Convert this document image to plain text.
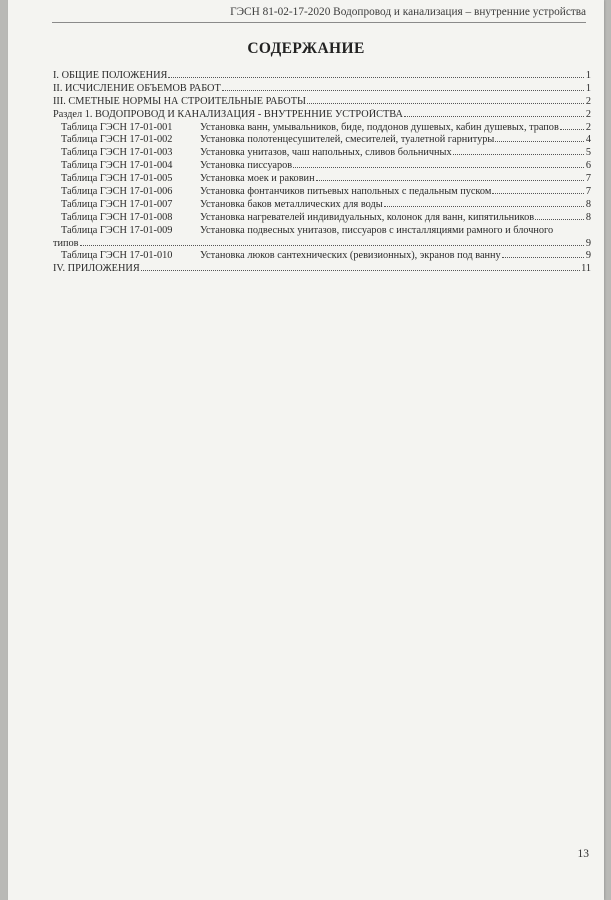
ГЭСН 81-02-17-2020 Водопровод и канализация – внутренние устройства
СОДЕРЖАНИЕ
I. ОБЩИЕ ПОЛОЖЕНИЯ	1
II. ИСЧИСЛЕНИЕ ОБЪЕМОВ РАБОТ	1
III. СМЕТНЫЕ НОРМЫ НА СТРОИТЕЛЬНЫЕ РАБОТЫ	2
Раздел 1. ВОДОПРОВОД И КАНАЛИЗАЦИЯ - ВНУТРЕННИЕ УСТРОЙСТВА	2
Таблица ГЭСН 17-01-001	Установка ванн, умывальников, биде, поддонов душевых, кабин душевых, трапов	2
Таблица ГЭСН 17-01-002	Установка полотенцесушителей, смесителей, туалетной гарнитуры	4
Таблица ГЭСН 17-01-003	Установка унитазов, чаш напольных, сливов больничных	5
Таблица ГЭСН 17-01-004	Установка писсуаров	6
Таблица ГЭСН 17-01-005	Установка моек и раковин	7
Таблица ГЭСН 17-01-006	Установка фонтанчиков питьевых напольных с педальным пуском	7
Таблица ГЭСН 17-01-007	Установка баков металлических для воды	8
Таблица ГЭСН 17-01-008	Установка нагревателей индивидуальных, колонок для ванн, кипятильников	8
Таблица ГЭСН 17-01-009	Установка подвесных унитазов, писсуаров с инсталляциями рамного и блочного
типов	9
Таблица ГЭСН 17-01-010	Установка люков сантехнических (ревизионных), экранов под ванну	9
IV. ПРИЛОЖЕНИЯ	11
13
